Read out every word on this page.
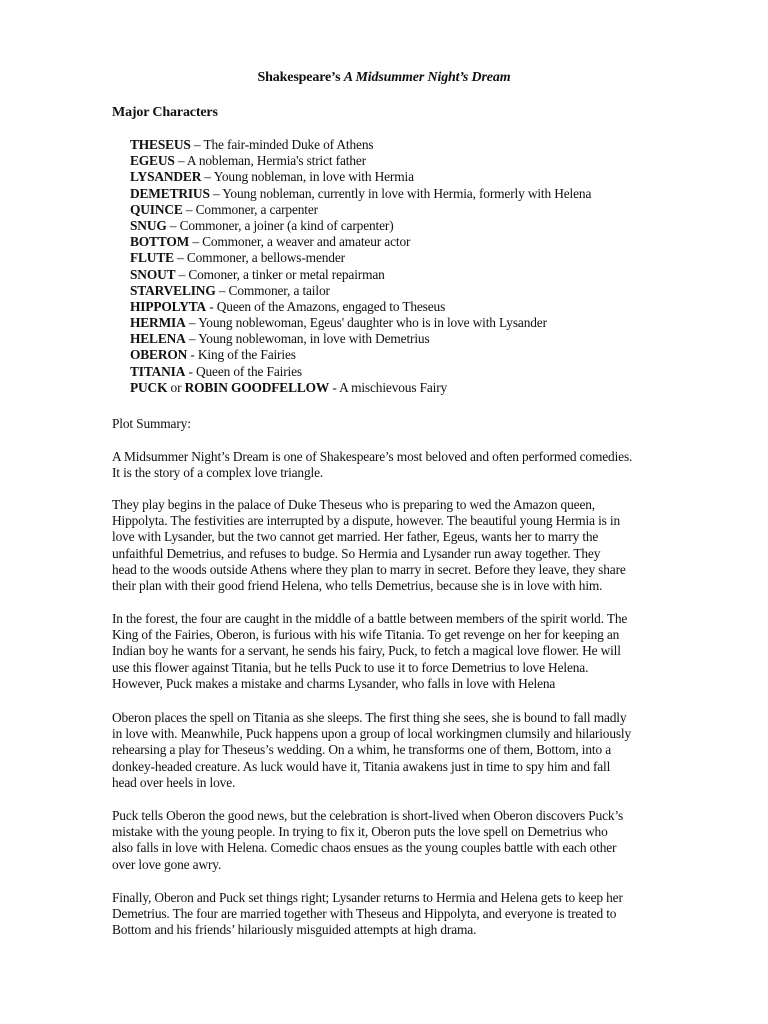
Shakespeare’s A Midsummer Night’s Dream
Major Characters
THESEUS – The fair-minded Duke of Athens
EGEUS – A nobleman, Hermia's strict father
LYSANDER – Young nobleman, in love with Hermia
DEMETRIUS – Young nobleman, currently in love with Hermia, formerly with Helena
QUINCE – Commoner, a carpenter
SNUG – Commoner, a joiner (a kind of carpenter)
BOTTOM – Commoner, a weaver and amateur actor
FLUTE – Commoner, a bellows-mender
SNOUT – Comoner, a tinker or metal repairman
STARVELING – Commoner, a tailor
HIPPOLYTA - Queen of the Amazons, engaged to Theseus
HERMIA – Young noblewoman, Egeus' daughter who is in love with Lysander
HELENA – Young noblewoman, in love with Demetrius
OBERON - King of the Fairies
TITANIA - Queen of the Fairies
PUCK or ROBIN GOODFELLOW - A mischievous Fairy
Plot Summary:
A Midsummer Night’s Dream is one of Shakespeare’s most beloved and often performed comedies.
It is the story of a complex love triangle.
They play begins in the palace of Duke Theseus who is preparing to wed the Amazon queen,
Hippolyta. The festivities are interrupted by a dispute, however. The beautiful young Hermia is in
love with Lysander, but the two cannot get married. Her father, Egeus, wants her to marry the
unfaithful Demetrius, and refuses to budge. So Hermia and Lysander run away together. They
head to the woods outside Athens where they plan to marry in secret. Before they leave, they share
their plan with their good friend Helena, who tells Demetrius, because she is in love with him.
In the forest, the four are caught in the middle of a battle between members of the spirit world. The
King of the Fairies, Oberon, is furious with his wife Titania. To get revenge on her for keeping an
Indian boy he wants for a servant, he sends his fairy, Puck, to fetch a magical love flower. He will
use this flower against Titania, but he tells Puck to use it to force Demetrius to love Helena.
However, Puck makes a mistake and charms Lysander, who falls in love with Helena
Oberon places the spell on Titania as she sleeps. The first thing she sees, she is bound to fall madly
in love with. Meanwhile, Puck happens upon a group of local workingmen clumsily and hilariously
rehearsing a play for Theseus’s wedding. On a whim, he transforms one of them, Bottom, into a
donkey-headed creature. As luck would have it, Titania awakens just in time to spy him and fall
head over heels in love.
Puck tells Oberon the good news, but the celebration is short-lived when Oberon discovers Puck’s
mistake with the young people. In trying to fix it, Oberon puts the love spell on Demetrius who
also falls in love with Helena. Comedic chaos ensues as the young couples battle with each other
over love gone awry.
Finally, Oberon and Puck set things right; Lysander returns to Hermia and Helena gets to keep her
Demetrius. The four are married together with Theseus and Hippolyta, and everyone is treated to
Bottom and his friends’ hilariously misguided attempts at high drama.
